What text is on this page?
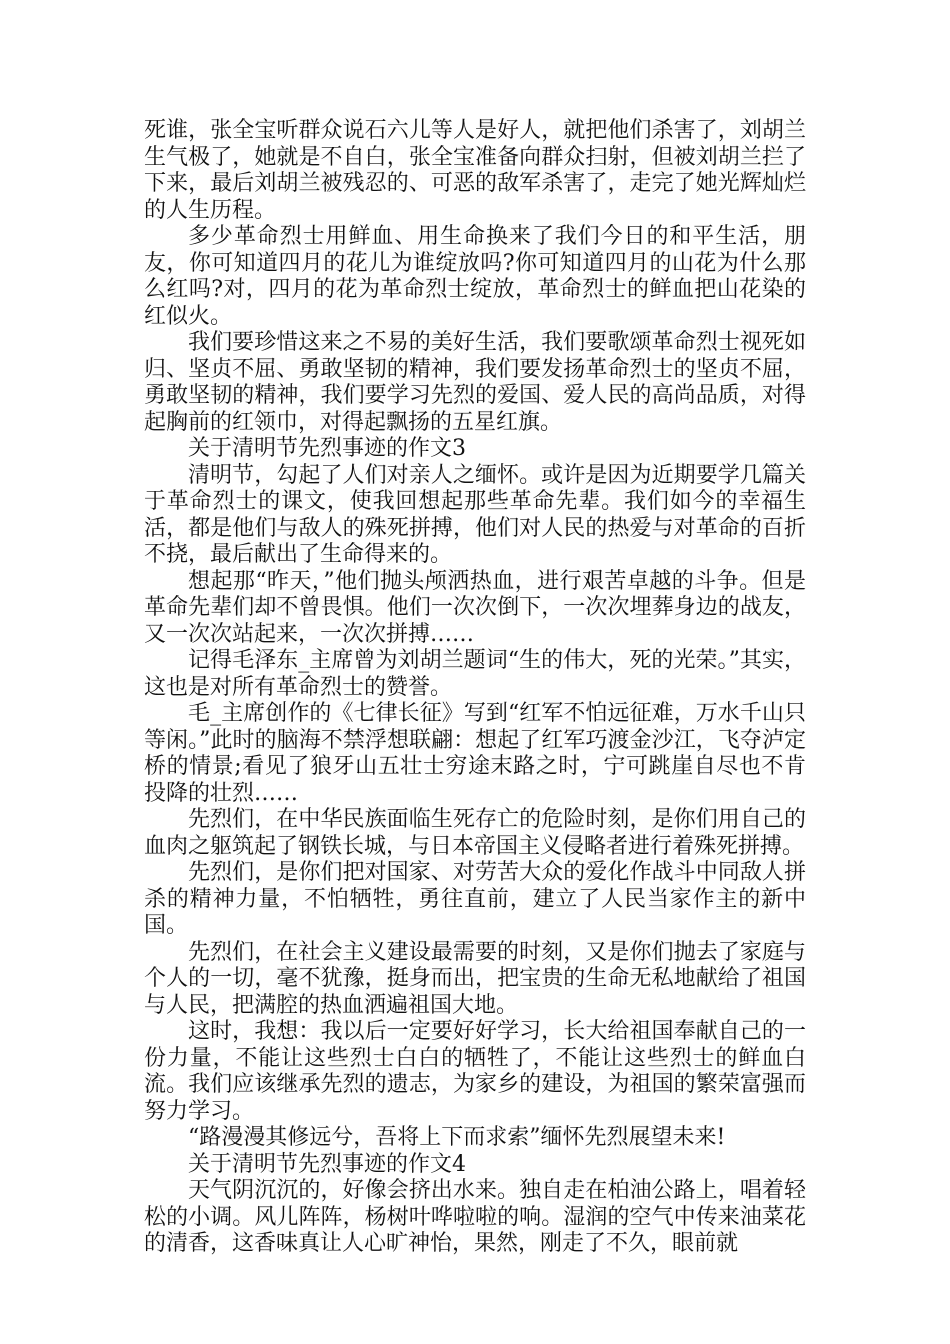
死谁，张全宝听群众说石六儿等人是好人，就把他们杀害了，刘胡兰生气极了，她就是不自白，张全宝准备向群众扫射，但被刘胡兰拦了下来，最后刘胡兰被残忍的、可恶的敌军杀害了，走完了她光辉灿烂的人生历程。

多少革命烈士用鲜血、用生命换来了我们今日的和平生活，朋友，你可知道四月的花儿为谁绽放吗?你可知道四月的山花为什么那么红吗?对，四月的花为革命烈士绽放，革命烈士的鲜血把山花染的红似火。

我们要珍惜这来之不易的美好生活，我们要歌颂革命烈士视死如归、坚贞不屈、勇敢坚韧的精神，我们要发扬革命烈士的坚贞不屈，勇敢坚韧的精神，我们要学习先烈的爱国、爱人民的高尚品质，对得起胸前的红领巾，对得起飘扬的五星红旗。

关于清明节先烈事迹的作文3

清明节，勾起了人们对亲人之缅怀。或许是因为近期要学几篇关于革命烈士的课文，使我回想起那些革命先辈。我们如今的幸福生活，都是他们与敌人的殊死拼搏，他们对人民的热爱与对革命的百折不挠，最后献出了生命得来的。

想起那“昨天，”他们抛头颅洒热血，进行艰苦卓越的斗争。但是革命先辈们却不曾畏惧。他们一次次倒下，一次次埋葬身边的战友，又一次次站起来，一次次拼搏……

记得毛泽东_主席曾为刘胡兰题词“生的伟大，死的光荣。”其实，这也是对所有革命烈士的赞誉。

毛_主席创作的《七律长征》写到“红军不怕远征难，万水千山只等闲。”此时的脑海不禁浮想联翩：想起了红军巧渡金沙江，飞夺泸定桥的情景;看见了狼牙山五壮士穷途末路之时，宁可跳崖自尽也不肯投降的壮烈……

先烈们，在中华民族面临生死存亡的危险时刻，是你们用自己的血肉之躯筑起了钢铁长城，与日本帝国主义侵略者进行着殊死拼搏。

先烈们，是你们把对国家、对劳苦大众的爱化作战斗中同敌人拼杀的精神力量，不怕牺牲，勇往直前，建立了人民当家作主的新中国。

先烈们，在社会主义建设最需要的时刻，又是你们抛去了家庭与个人的一切，毫不犹豫，挺身而出，把宝贵的生命无私地献给了祖国与人民，把满腔的热血洒遍祖国大地。

这时，我想：我以后一定要好好学习，长大给祖国奉献自己的一份力量，不能让这些烈士白白的牺牲了，不能让这些烈士的鲜血白流。我们应该继承先烈的遗志，为家乡的建设，为祖国的繁荣富强而努力学习。

“路漫漫其修远兮，吾将上下而求索”缅怀先烈展望未来!

关于清明节先烈事迹的作文4

天气阴沉沉的，好像会挤出水来。独自走在柏油公路上，唱着轻松的小调。风儿阵阵，杨树叶哗啦啦的响。湿润的空气中传来油菜花的清香，这香味真让人心旷神怡，果然，刚走了不久，眼前就
